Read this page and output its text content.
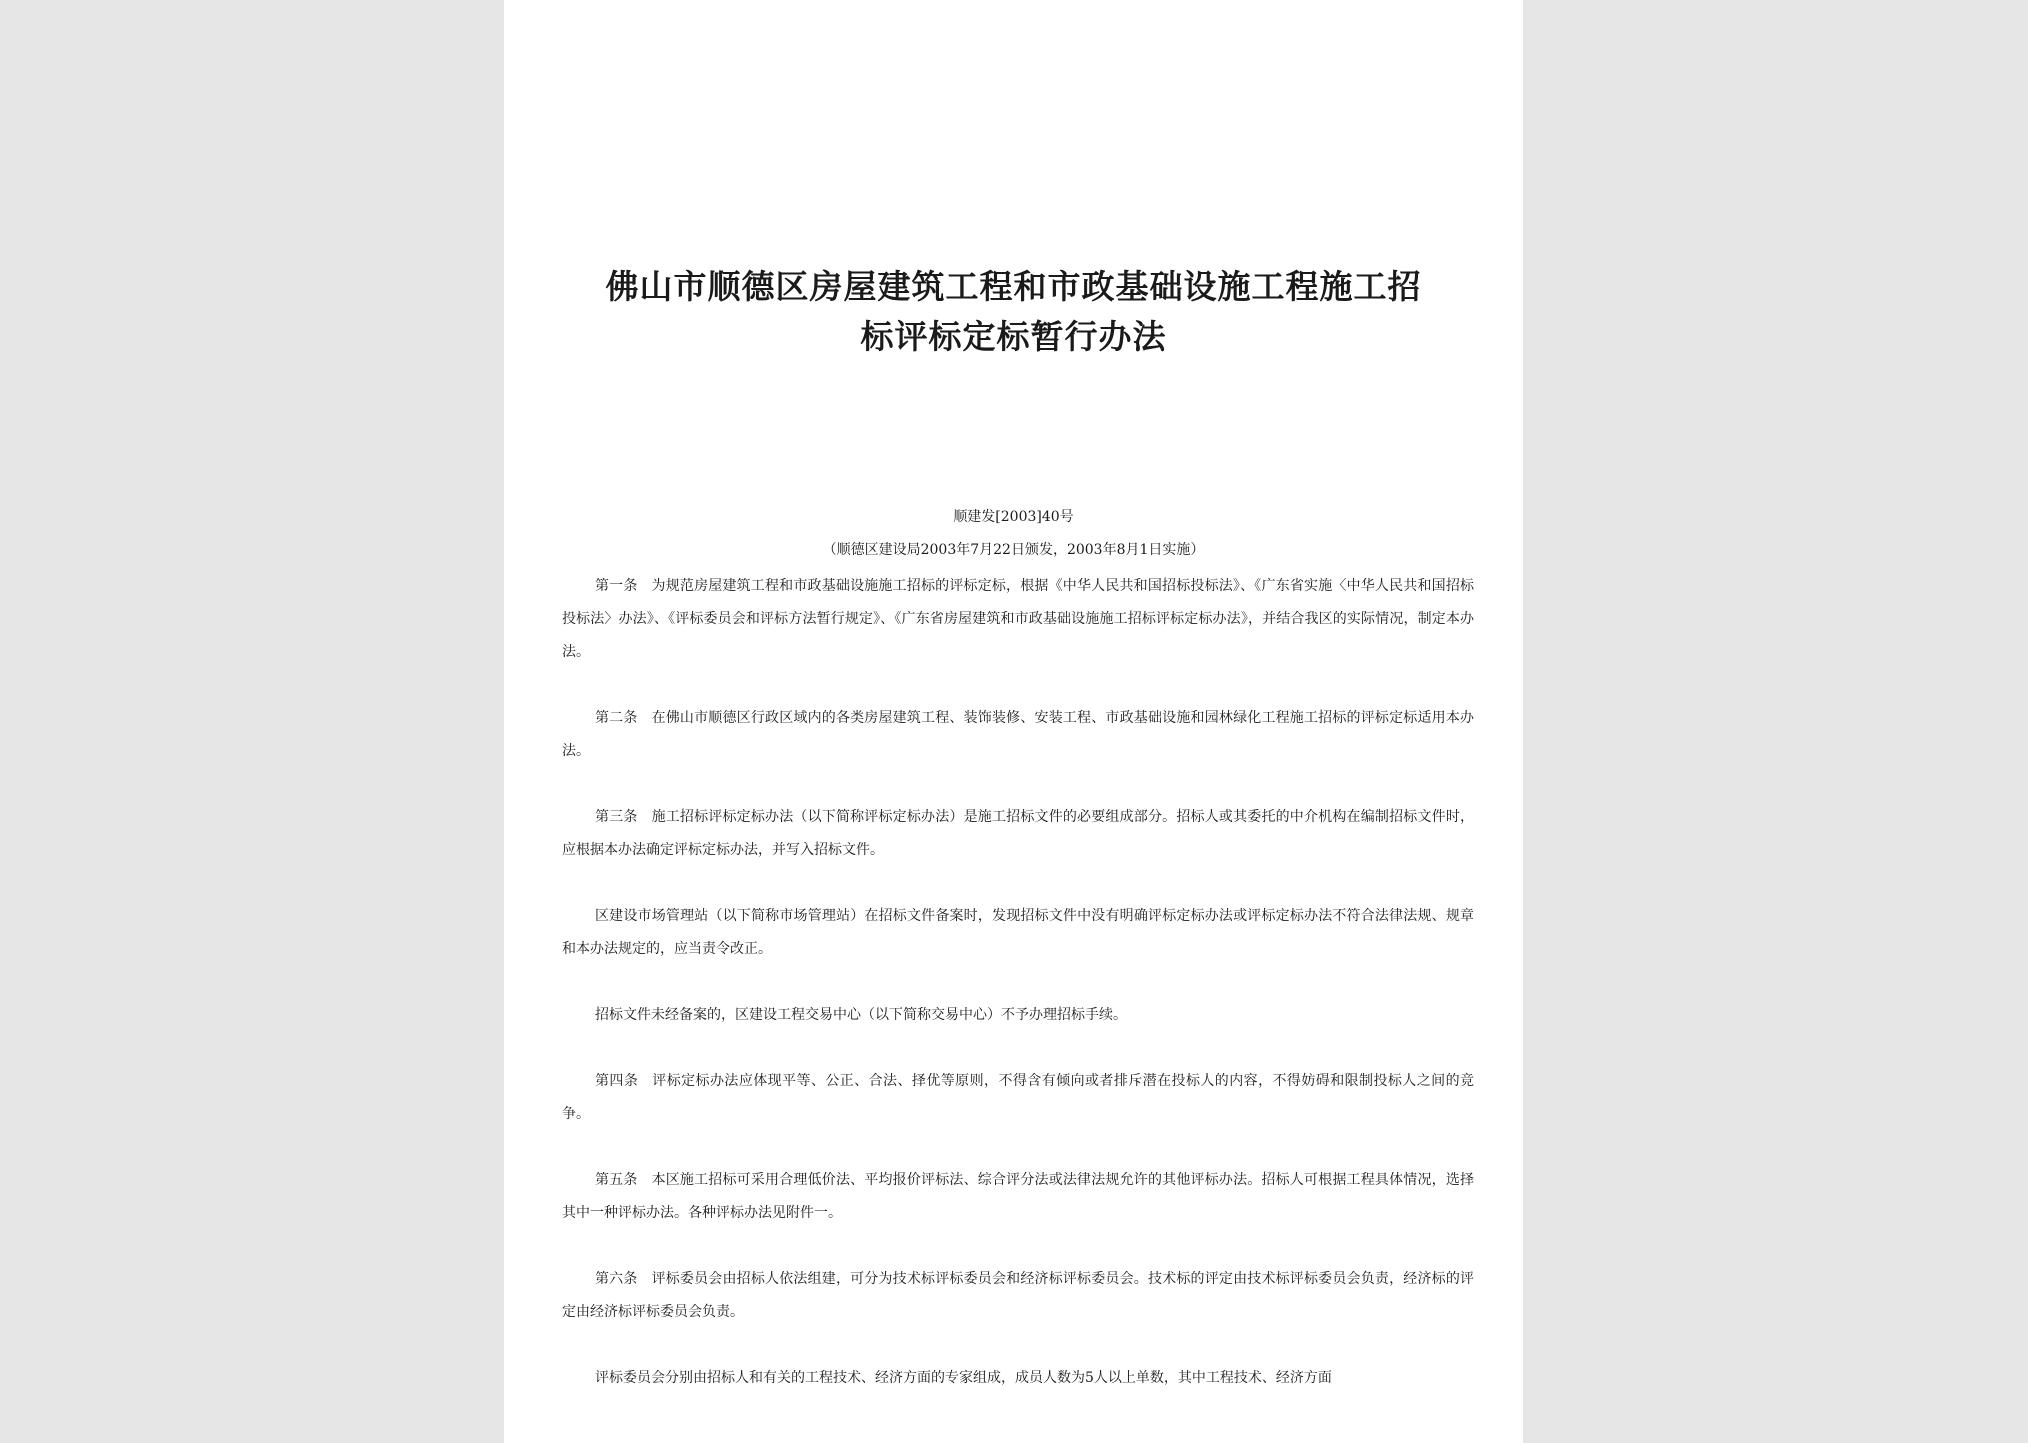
佛山市顺德区房屋建筑工程和市政基础设施工程施工招
标评标定标暂行办法
顺建发[2003]40号
（顺德区建设局2003年7月22日颁发，2003年8月1日实施）

第一条 为规范房屋建筑工程和市政基础设施施工招标的评标定标，根据《中华人民共和国招标投标法》、《广东省实施〈中华人民共和国招标投标法〉办法》、《评标委员会和评标方法暂行规定》、《广东省房屋建筑和市政基础设施施工招标评标定标办法》，并结合我区的实际情况，制定本办法。

第二条 在佛山市顺德区行政区域内的各类房屋建筑工程、装饰装修、安装工程、市政基础设施和园林绿化工程施工招标的评标定标适用本办法。

第三条 施工招标评标定标办法（以下简称评标定标办法）是施工招标文件的必要组成部分。招标人或其委托的中介机构在编制招标文件时，应根据本办法确定评标定标办法，并写入招标文件。

区建设市场管理站（以下简称市场管理站）在招标文件备案时，发现招标文件中没有明确评标定标办法或评标定标办法不符合法律法规、规章和本办法规定的，应当责令改正。

招标文件未经备案的，区建设工程交易中心（以下简称交易中心）不予办理招标手续。

第四条 评标定标办法应体现平等、公正、合法、择优等原则，不得含有倾向或者排斥潜在投标人的内容，不得妨碍和限制投标人之间的竞争。

第五条 本区施工招标可采用合理低价法、平均报价评标法、综合评分法或法律法规允许的其他评标办法。招标人可根据工程具体情况，选择其中一种评标办法。各种评标办法见附件一。

第六条 评标委员会由招标人依法组建，可分为技术标评标委员会和经济标评标委员会。技术标的评定由技术标评标委员会负责，经济标的评定由经济标评标委员会负责。

评标委员会分别由招标人和有关的工程技术、经济方面的专家组成，成员人数为5人以上单数，其中工程技术、经济方面
